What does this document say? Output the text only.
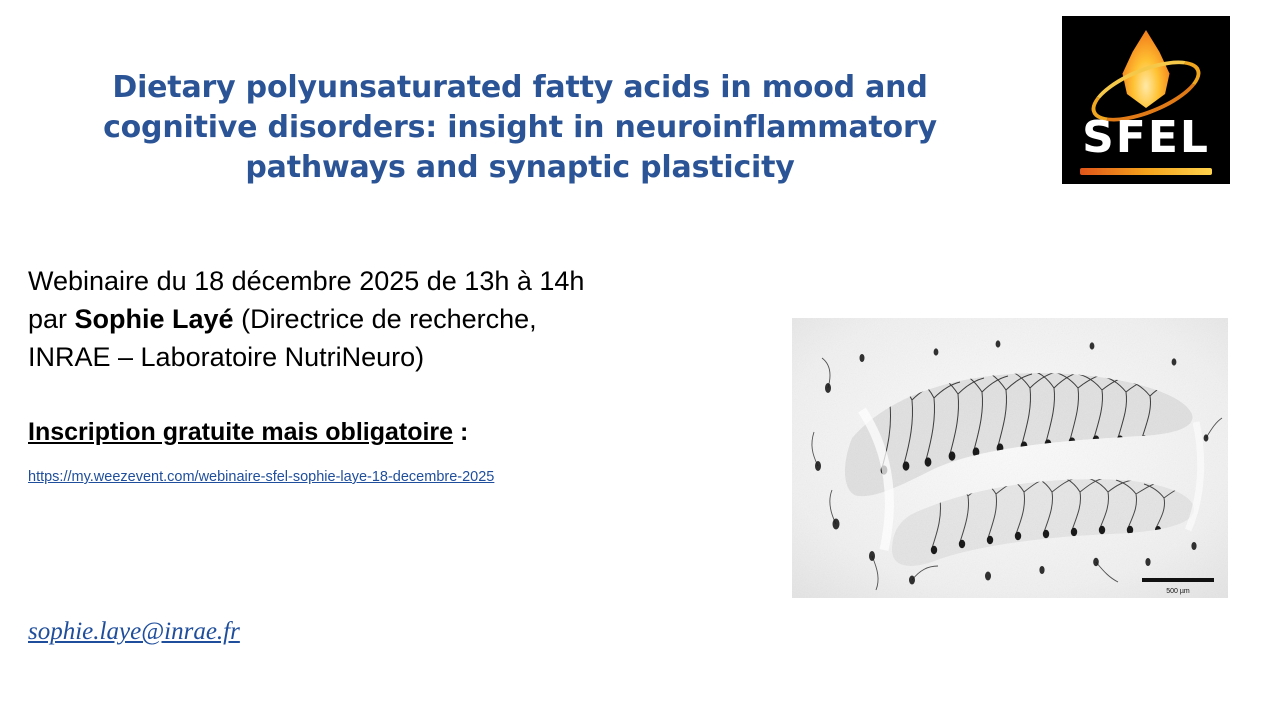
Dietary polyunsaturated fatty acids in mood and cognitive disorders: insight in neuroinflammatory pathways and synaptic plasticity
SFEL
Webinaire du 18 décembre 2025 de 13h à 14h
par Sophie Layé (Directrice de recherche,
INRAE – Laboratoire NutriNeuro)
Inscription gratuite mais obligatoire :
https://my.weezevent.com/webinaire-sfel-sophie-laye-18-decembre-2025
sophie.laye@inrae.fr
500 µm
